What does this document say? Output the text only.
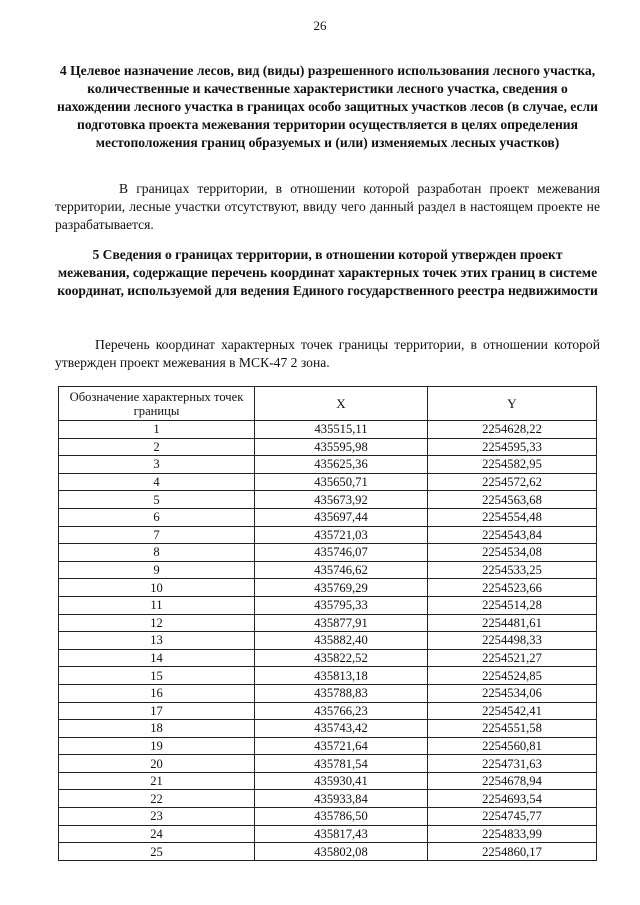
26
4 Целевое назначение лесов, вид (виды) разрешенного использования лесного участка, количественные и качественные характеристики лесного участка, сведения о нахождении лесного участка в границах особо защитных участков лесов (в случае, если подготовка проекта межевания территории осуществляется в целях определения местоположения границ образуемых и (или) изменяемых лесных участков)
В границах территории, в отношении которой разработан проект межевания территории, лесные участки отсутствуют, ввиду чего данный раздел в настоящем проекте не разрабатывается.
5 Сведения о границах территории, в отношении которой утвержден проект межевания, содержащие перечень координат характерных точек этих границ в системе координат, используемой для ведения Единого государственного реестра недвижимости
Перечень координат характерных точек границы территории, в отношении которой утвержден проект межевания в МСК-47 2 зона.
Обозначение характерных точек границы	X	Y
1	435515,11	2254628,22
2	435595,98	2254595,33
3	435625,36	2254582,95
4	435650,71	2254572,62
5	435673,92	2254563,68
6	435697,44	2254554,48
7	435721,03	2254543,84
8	435746,07	2254534,08
9	435746,62	2254533,25
10	435769,29	2254523,66
11	435795,33	2254514,28
12	435877,91	2254481,61
13	435882,40	2254498,33
14	435822,52	2254521,27
15	435813,18	2254524,85
16	435788,83	2254534,06
17	435766,23	2254542,41
18	435743,42	2254551,58
19	435721,64	2254560,81
20	435781,54	2254731,63
21	435930,41	2254678,94
22	435933,84	2254693,54
23	435786,50	2254745,77
24	435817,43	2254833,99
25	435802,08	2254860,17
